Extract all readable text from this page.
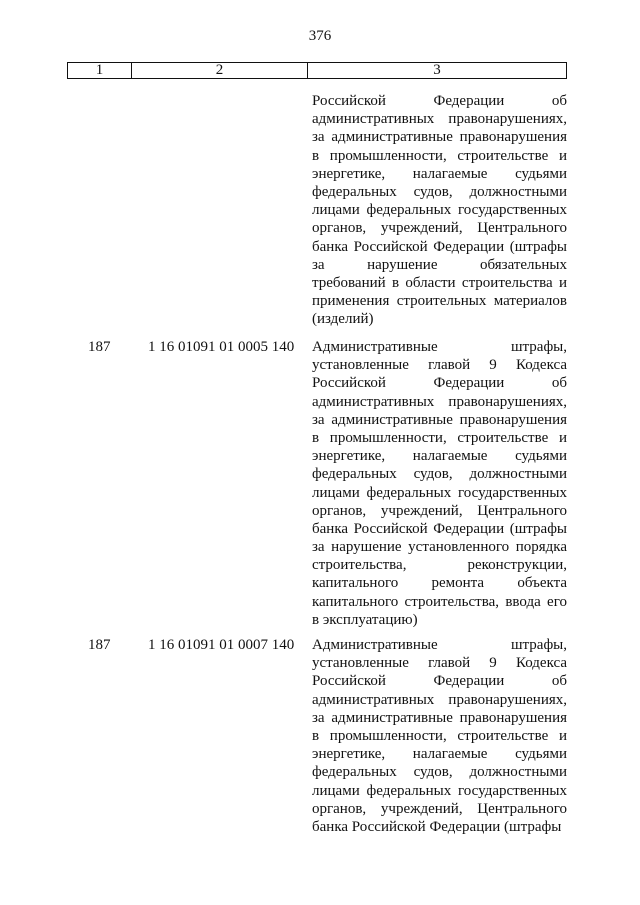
376
1	2	3
Российской Федерации об
административных правонарушениях,
за административные правонарушения
в промышленности, строительстве и
энергетике, налагаемые судьями
федеральных судов, должностными
лицами федеральных государственных
органов, учреждений, Центрального
банка Российской Федерации (штрафы
за нарушение обязательных
требований в области строительства и
применения строительных материалов
(изделий)
187	1 16 01091 01 0005 140 Административные штрафы,
установленные главой 9 Кодекса
Российской Федерации об
административных правонарушениях,
за административные правонарушения
в промышленности, строительстве и
энергетике, налагаемые судьями
федеральных судов, должностными
лицами федеральных государственных
органов, учреждений, Центрального
банка Российской Федерации (штрафы
за нарушение установленного порядка
строительства, реконструкции,
капитального ремонта объекта
капитального строительства, ввода его
в эксплуатацию)
187	1 16 01091 01 0007 140 Административные штрафы,
установленные главой 9 Кодекса
Российской Федерации об
административных правонарушениях,
за административные правонарушения
в промышленности, строительстве и
энергетике, налагаемые судьями
федеральных судов, должностными
лицами федеральных государственных
органов, учреждений, Центрального
банка Российской Федерации (штрафы
